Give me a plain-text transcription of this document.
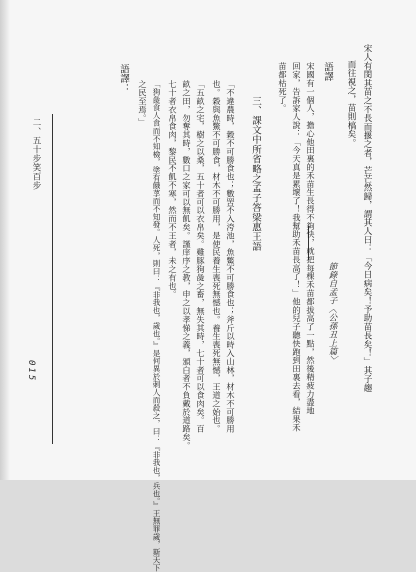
宋人有閔其苗之不長而揠之者，芒芒然歸，謂其人曰：「今日病矣！予助苗長矣！」其子趨
而往視之，苗則槁矣。
節錄自孟子〈公孫丑上篇〉
語譯
宋國有一個人，擔心他田裏的禾苗生長得不夠快，就把每棵禾苗都拔高了一點，然後精疲力盡地
回家，告訴家人說：「今天真是累壞了！我幫助禾苗長高了！」他的兒子聽快跑到田裏去看，結果禾
苗都枯死了。
三、課文中所省略之孟子答梁惠王語
「不違農時，穀不可勝食也；數罟不入洿池，魚鱉不可勝食也；斧斤以時入山林，材木不可勝用
也。穀與魚鱉不可勝食，材木不可勝用，是使民養生喪死無憾也。養生喪死無憾，王道之始也。
「五畝之宅，樹之以桑，五十者可以衣帛矣。雞豚狗彘之畜，無失其時，七十者可以食肉矣。百
畝之田，勿奪其時，數口之家可以無飢矣。謹庠序之教，申之以孝悌之義，頒白者不負戴於道路矣。
七十者衣帛食肉，黎民不飢不寒，然而不王者，未之有也。
「狗彘食人食而不知檢，塗有餓莩而不知發。人死，則曰：『非我也，歲也。』是何異於刺人而殺之，曰：『非我也，兵也。』王無罪歲，斯天下
之民至焉。」
語譯：
二、五十步笑百步
015
